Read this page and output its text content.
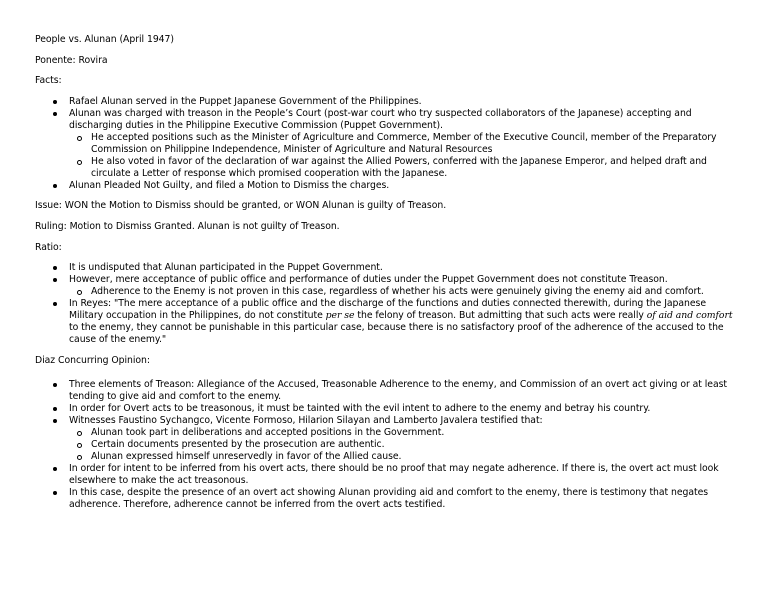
People vs. Alunan (April 1947)

Ponente: Rovira

Facts:

Rafael Alunan served in the Puppet Japanese Government of the Philippines.
Alunan was charged with treason in the People’s Court (post-war court who try suspected collaborators of the Japanese) accepting and discharging duties in the Philippine Executive Commission (Puppet Government).
He accepted positions such as the Minister of Agriculture and Commerce, Member of the Executive Council, member of the Preparatory Commission on Philippine Independence, Minister of Agriculture and Natural Resources
He also voted in favor of the declaration of war against the Allied Powers, conferred with the Japanese Emperor, and helped draft and circulate a Letter of response which promised cooperation with the Japanese.
Alunan Pleaded Not Guilty, and filed a Motion to Dismiss the charges.

Issue: WON the Motion to Dismiss should be granted, or WON Alunan is guilty of Treason.

Ruling: Motion to Dismiss Granted. Alunan is not guilty of Treason.

Ratio:

It is undisputed that Alunan participated in the Puppet Government.
However, mere acceptance of public office and performance of duties under the Puppet Government does not constitute Treason.
Adherence to the Enemy is not proven in this case, regardless of whether his acts were genuinely giving the enemy aid and comfort.
In Reyes: "The mere acceptance of a public office and the discharge of the functions and duties connected therewith, during the Japanese Military occupation in the Philippines, do not constitute per se the felony of treason. But admitting that such acts were really of aid and comfort to the enemy, they cannot be punishable in this particular case, because there is no satisfactory proof of the adherence of the accused to the cause of the enemy."

Diaz Concurring Opinion:

Three elements of Treason: Allegiance of the Accused, Treasonable Adherence to the enemy, and Commission of an overt act giving or at least tending to give aid and comfort to the enemy.
In order for Overt acts to be treasonous, it must be tainted with the evil intent to adhere to the enemy and betray his country.
Witnesses Faustino Sychangco, Vicente Formoso, Hilarion Silayan and Lamberto Javalera testified that:
Alunan took part in deliberations and accepted positions in the Government.
Certain documents presented by the prosecution are authentic.
Alunan expressed himself unreservedly in favor of the Allied cause.
In order for intent to be inferred from his overt acts, there should be no proof that may negate adherence. If there is, the overt act must look elsewhere to make the act treasonous.
In this case, despite the presence of an overt act showing Alunan providing aid and comfort to the enemy, there is testimony that negates adherence. Therefore, adherence cannot be inferred from the overt acts testified.
